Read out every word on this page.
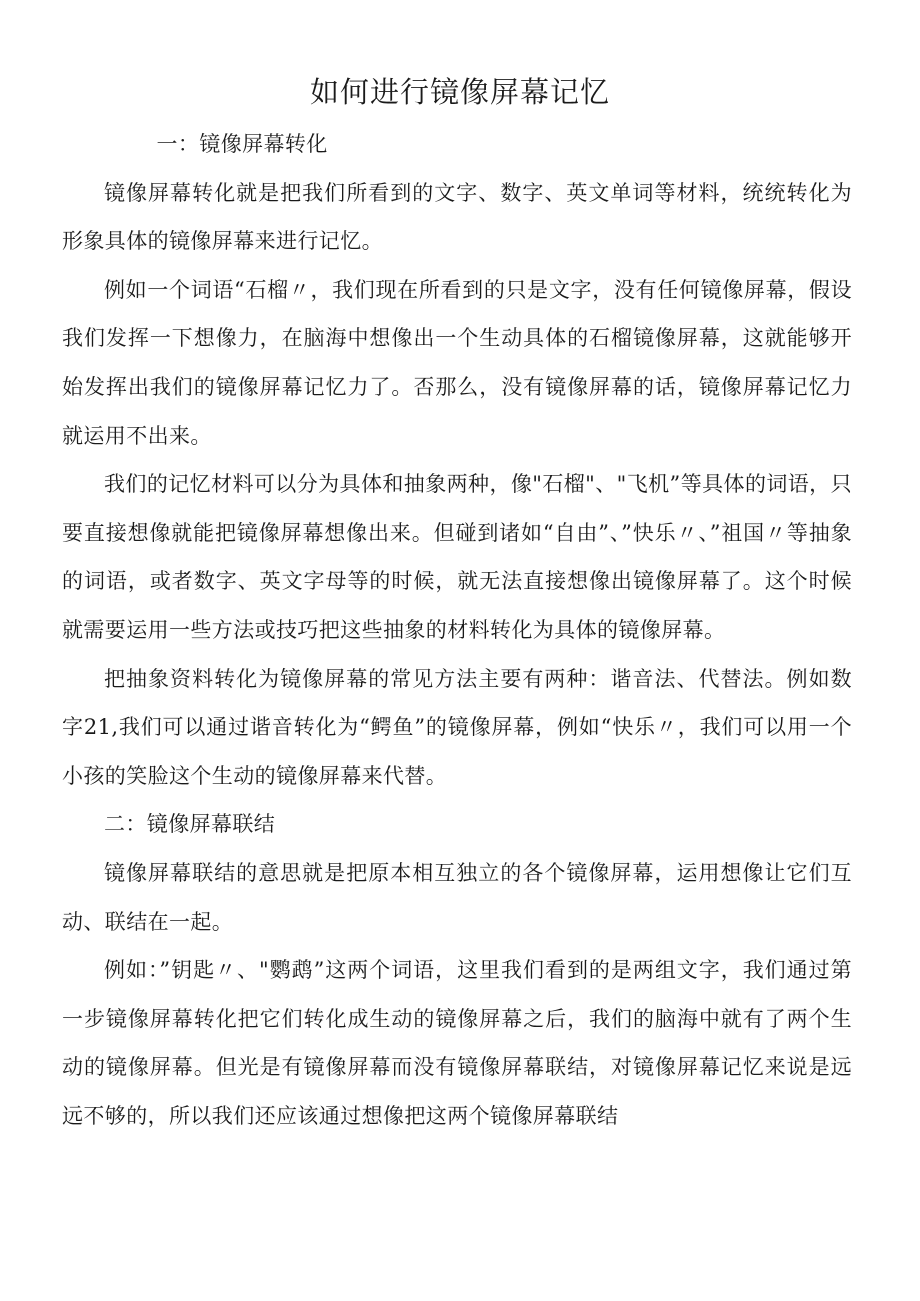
如何进行镜像屏幕记忆

一：镜像屏幕转化

镜像屏幕转化就是把我们所看到的文字、数字、英文单词等材料，统统转化为形象具体的镜像屏幕来进行记忆。

例如一个词语“石榴〃，我们现在所看到的只是文字，没有任何镜像屏幕，假设我们发挥一下想像力，在脑海中想像出一个生动具体的石榴镜像屏幕，这就能够开始发挥出我们的镜像屏幕记忆力了。否那么，没有镜像屏幕的话，镜像屏幕记忆力就运用不出来。

我们的记忆材料可以分为具体和抽象两种，像"石榴"、"飞机”等具体的词语，只要直接想像就能把镜像屏幕想像出来。但碰到诸如“自由”、”快乐〃、”祖国〃等抽象的词语，或者数字、英文字母等的时候，就无法直接想像出镜像屏幕了。这个时候就需要运用一些方法或技巧把这些抽象的材料转化为具体的镜像屏幕。

把抽象资料转化为镜像屏幕的常见方法主要有两种：谐音法、代替法。例如数字21,我们可以通过谐音转化为“鳄鱼”的镜像屏幕，例如“快乐〃，我们可以用一个小孩的笑脸这个生动的镜像屏幕来代替。

二：镜像屏幕联结

镜像屏幕联结的意思就是把原本相互独立的各个镜像屏幕，运用想像让它们互动、联结在一起。

例如：”钥匙〃、"鹦鹉”这两个词语，这里我们看到的是两组文字，我们通过第一步镜像屏幕转化把它们转化成生动的镜像屏幕之后，我们的脑海中就有了两个生动的镜像屏幕。但光是有镜像屏幕而没有镜像屏幕联结，对镜像屏幕记忆来说是远远不够的，所以我们还应该通过想像把这两个镜像屏幕联结
